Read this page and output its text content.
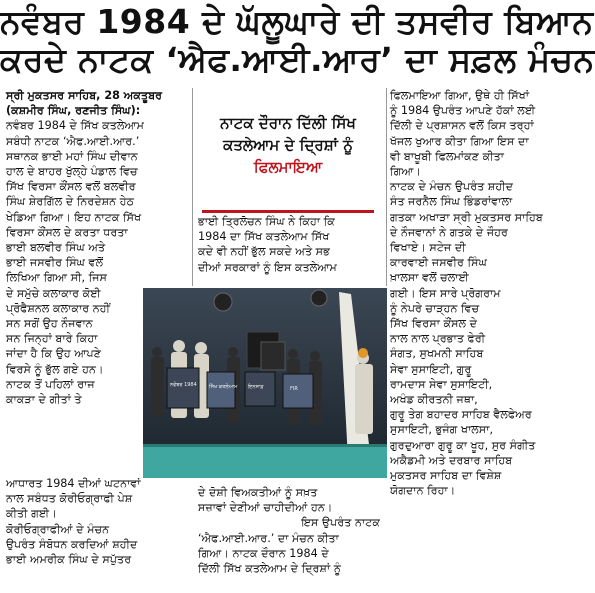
ਨਵੰਬਰ 1984 ਦੇ ਘੱਲੂਘਾਰੇ ਦੀ ਤਸਵੀਰ ਬਿਆਨ
ਕਰਦੇ ਨਾਟਕ ‘ਐਫ.ਆਈ.ਆਰ’ ਦਾ ਸਫ਼ਲ ਮੰਚਨ
ਸ੍ਰੀ ਮੁਕਤਸਰ ਸਾਹਿਬ, 28 ਅਕਤੂਬਰ
(ਕਸ਼ਮੀਰ ਸਿੰਘ, ਰਣਜੀਤ ਸਿੰਘ):
ਨਵੰਬਰ 1984 ਦੇ ਸਿੱਖ ਕਤਲੇਆਮ
ਸਬੰਧੀ ਨਾਟਕ ‘ਐਫ.ਆਈ.ਆਰ.’
ਸਥਾਨਕ ਭਾਈ ਮਹਾਂ ਸਿੰਘ ਦੀਵਾਨ
ਹਾਲ ਦੇ ਬਾਹਰ ਖੁੱਲ੍ਹੇ ਪੰਡਾਲ ਵਿਚ
ਸਿੱਖ ਵਿਰਸਾ ਕੌਂਸਲ ਵਲੋਂ ਬਲਵੀਰ
ਸਿੰਘ ਸ਼ੇਰਗਿੱਲ ਦੇ ਨਿਰਦੇਸ਼ਨ ਹੇਠ
ਖੇਡਿਆ ਗਿਆ। ਇਹ ਨਾਟਕ ਸਿੱਖ
ਵਿਰਸਾ ਕੌਂਸਲ ਦੇ ਕਰਤਾ ਧਰਤਾ
ਭਾਈ ਬਲਵੀਰ ਸਿੰਘ ਅਤੇ
ਭਾਈ ਜਸਵੀਰ ਸਿੰਘ ਵਲੋਂ
ਲਿਖਿਆ ਗਿਆ ਸੀ, ਜਿਸ
ਦੇ ਸਮੁੱਚੇ ਕਲਾਕਾਰ ਕੋਈ
ਪ੍ਰੋਫੈਸ਼ਨਲ ਕਲਾਕਾਰ ਨਹੀਂ
ਸਨ ਸਗੋਂ ਉਹ ਨੌਜਵਾਨ
ਸਨ ਜਿਨ੍ਹਾਂ ਬਾਰੇ ਕਿਹਾ
ਜਾਂਦਾ ਹੈ ਕਿ ਉਹ ਆਪਣੇ
ਵਿਰਸੇ ਨੂੰ ਭੁੱਲ ਗਏ ਹਨ।
ਨਾਟਕ ਤੋਂ ਪਹਿਲਾਂ ਰਾਜ
ਕਾਕੜਾ ਦੇ ਗੀਤਾਂ ਤੇ
ਆਧਾਰਤ 1984 ਦੀਆਂ ਘਟਨਾਵਾਂ
ਨਾਲ ਸਬੰਧਤ ਕੋਰੀਓਗ੍ਰਾਫੀ ਪੇਸ਼
ਕੀਤੀ ਗਈ।
ਕੋਰੀਓਗ੍ਰਾਫੀਆਂ ਦੇ ਮੰਚਨ
ਉਪਰੰਤ ਸੰਬੋਧਨ ਕਰਦਿਆਂ ਸ਼ਹੀਦ
ਭਾਈ ਅਮਰੀਕ ਸਿੰਘ ਦੇ ਸਪੁੱਤਰ
ਨਾਟਕ ਦੌਰਾਨ ਦਿੱਲੀ ਸਿੱਖ
ਕਤਲੇਆਮ ਦੇ ਦ੍ਰਿਸ਼ਾਂ ਨੂੰ
ਫਿਲਮਾਇਆ
ਭਾਈ ਤ੍ਰਿਲੋਚਨ ਸਿੰਘ ਨੇ ਕਿਹਾ ਕਿ
1984 ਦਾ ਸਿੱਖ ਕਤਲੇਆਮ ਸਿੱਖ
ਕਦੇ ਵੀ ਨਹੀਂ ਭੁੱਲ ਸਕਦੇ ਅਤੇ ਸਭ
ਦੀਆਂ ਸਰਕਾਰਾਂ ਨੂੰ ਇਸ ਕਤਲੇਆਮ
ਨਵੰਬਰ 1984 ਸਿੱਖ ਕਤਲੇਆਮ ਇਨਸਾਫ਼	FIR
ਦੇ ਦੋਸ਼ੀ ਵਿਅਕਤੀਆਂ ਨੂੰ ਸਖ਼ਤ
ਸਜ਼ਾਵਾਂ ਦੇਣੀਆਂ ਚਾਹੀਦੀਆਂ ਹਨ।
ਇਸ ਉਪਰੰਤ ਨਾਟਕ
‘ਐਫ.ਆਈ.ਆਰ.’ ਦਾ ਮੰਚਨ ਕੀਤਾ
ਗਿਆ। ਨਾਟਕ ਦੌਰਾਨ 1984 ਦੇ
ਦਿੱਲੀ ਸਿੱਖ ਕਤਲੇਆਮ ਦੇ ਦ੍ਰਿਸ਼ਾਂ ਨੂੰ
ਫਿਲਮਾਇਆ ਗਿਆ, ਉਥੇ ਹੀ ਸਿੱਖਾਂ
ਨੂੰ 1984 ਉਪਰੰਤ ਆਪਣੇ ਹੱਕਾਂ ਲਈ
ਦਿੱਲੀ ਦੇ ਪ੍ਰਸ਼ਾਸਨ ਵਲੋਂ ਕਿਸ ਤਰ੍ਹਾਂ
ਖੱਜਲ ਖੁਆਰ ਕੀਤਾ ਗਿਆ ਇਸ ਦਾ
ਵੀ ਬਾਖੂਬੀ ਫਿਲਮਾਂਕਣ ਕੀਤਾ
ਗਿਆ।
ਨਾਟਕ ਦੇ ਮੰਚਨ ਉਪਰੰਤ ਸ਼ਹੀਦ
ਸੰਤ ਜਰਨੈਲ ਸਿੰਘ ਭਿੰਡਰਾਂਵਾਲਾ
ਗਤਕਾ ਅਖਾੜਾ ਸ੍ਰੀ ਮੁਕਤਸਰ ਸਾਹਿਬ
ਦੇ ਨੌਜਵਾਨਾਂ ਨੇ ਗਤਕੇ ਦੇ ਜੌਹਰ
ਵਿਖਾਏ। ਸਟੇਜ ਦੀ
ਕਾਰਵਾਈ ਜਸਵੀਰ ਸਿੰਘ
ਖ਼ਾਲਸਾ ਵਲੋਂ ਚਲਾਈ
ਗਈ। ਇਸ ਸਾਰੇ ਪ੍ਰੋਗਰਾਮ
ਨੂੰ ਨੇਪਰੇ ਚਾੜ੍ਹਨ ਵਿਚ
ਸਿੱਖ ਵਿਰਸਾ ਕੌਂਸਲ ਦੇ
ਨਾਲ ਨਾਲ ਪ੍ਰਭਾਤ ਫੇਰੀ
ਸੰਗਤ, ਸੁਖਮਨੀ ਸਾਹਿਬ
ਸੇਵਾ ਸੁਸਾਇਟੀ, ਗੁਰੂ
ਰਾਮਦਾਸ ਸੇਵਾ ਸੁਸਾਇਟੀ,
ਅਖੰਡ ਕੀਰਤਨੀ ਜਥਾ,
ਗੁਰੂ ਤੇਗ ਬਹਾਦਰ ਸਾਹਿਬ ਵੈਲਫੇਅਰ
ਸੁਸਾਇਟੀ, ਭੁਜੰਗ ਖਾਲਸਾ,
ਗੁਰਦੁਆਰਾ ਗੁਰੂ ਕਾ ਖੂਹ, ਸੁਰ ਸੰਗੀਤ
ਅਕੈਡਮੀ ਅਤੇ ਦਰਬਾਰ ਸਾਹਿਬ
ਮੁਕਤਸਰ ਸਾਹਿਬ ਦਾ ਵਿਸ਼ੇਸ਼
ਯੋਗਦਾਨ ਰਿਹਾ।
